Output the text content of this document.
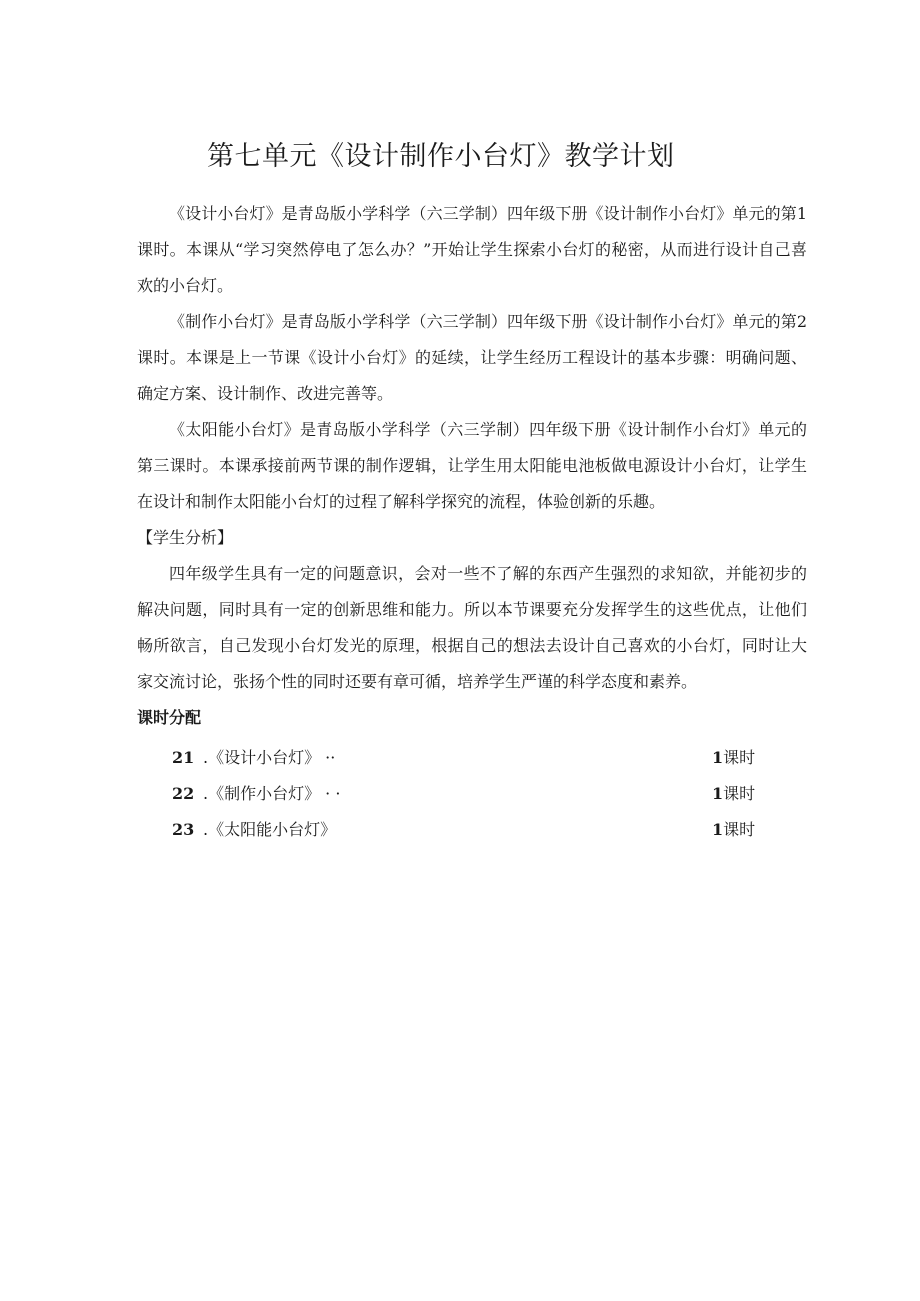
第七单元《设计制作小台灯》教学计划

《设计小台灯》是青岛版小学科学（六三学制）四年级下册《设计制作小台灯》单元的第1课时。本课从“学习突然停电了怎么办？”开始让学生探索小台灯的秘密，从而进行设计自己喜欢的小台灯。

《制作小台灯》是青岛版小学科学（六三学制）四年级下册《设计制作小台灯》单元的第2课时。本课是上一节课《设计小台灯》的延续，让学生经历工程设计的基本步骤：明确问题、确定方案、设计制作、改进完善等。

《太阳能小台灯》是青岛版小学科学（六三学制）四年级下册《设计制作小台灯》单元的第三课时。本课承接前两节课的制作逻辑，让学生用太阳能电池板做电源设计小台灯，让学生在设计和制作太阳能小台灯的过程了解科学探究的流程，体验创新的乐趣。

【学生分析】

四年级学生具有一定的问题意识，会对一些不了解的东西产生强烈的求知欲，并能初步的解决问题，同时具有一定的创新思维和能力。所以本节课要充分发挥学生的这些优点，让他们畅所欲言，自己发现小台灯发光的原理，根据自己的想法去设计自己喜欢的小台灯，同时让大家交流讨论，张扬个性的同时还要有章可循，培养学生严谨的科学态度和素养。

课时分配
21 .《设计小台灯》 ··	1课时
22 .《制作小台灯》 · ·	1课时
23 .《太阳能小台灯》	1课时
